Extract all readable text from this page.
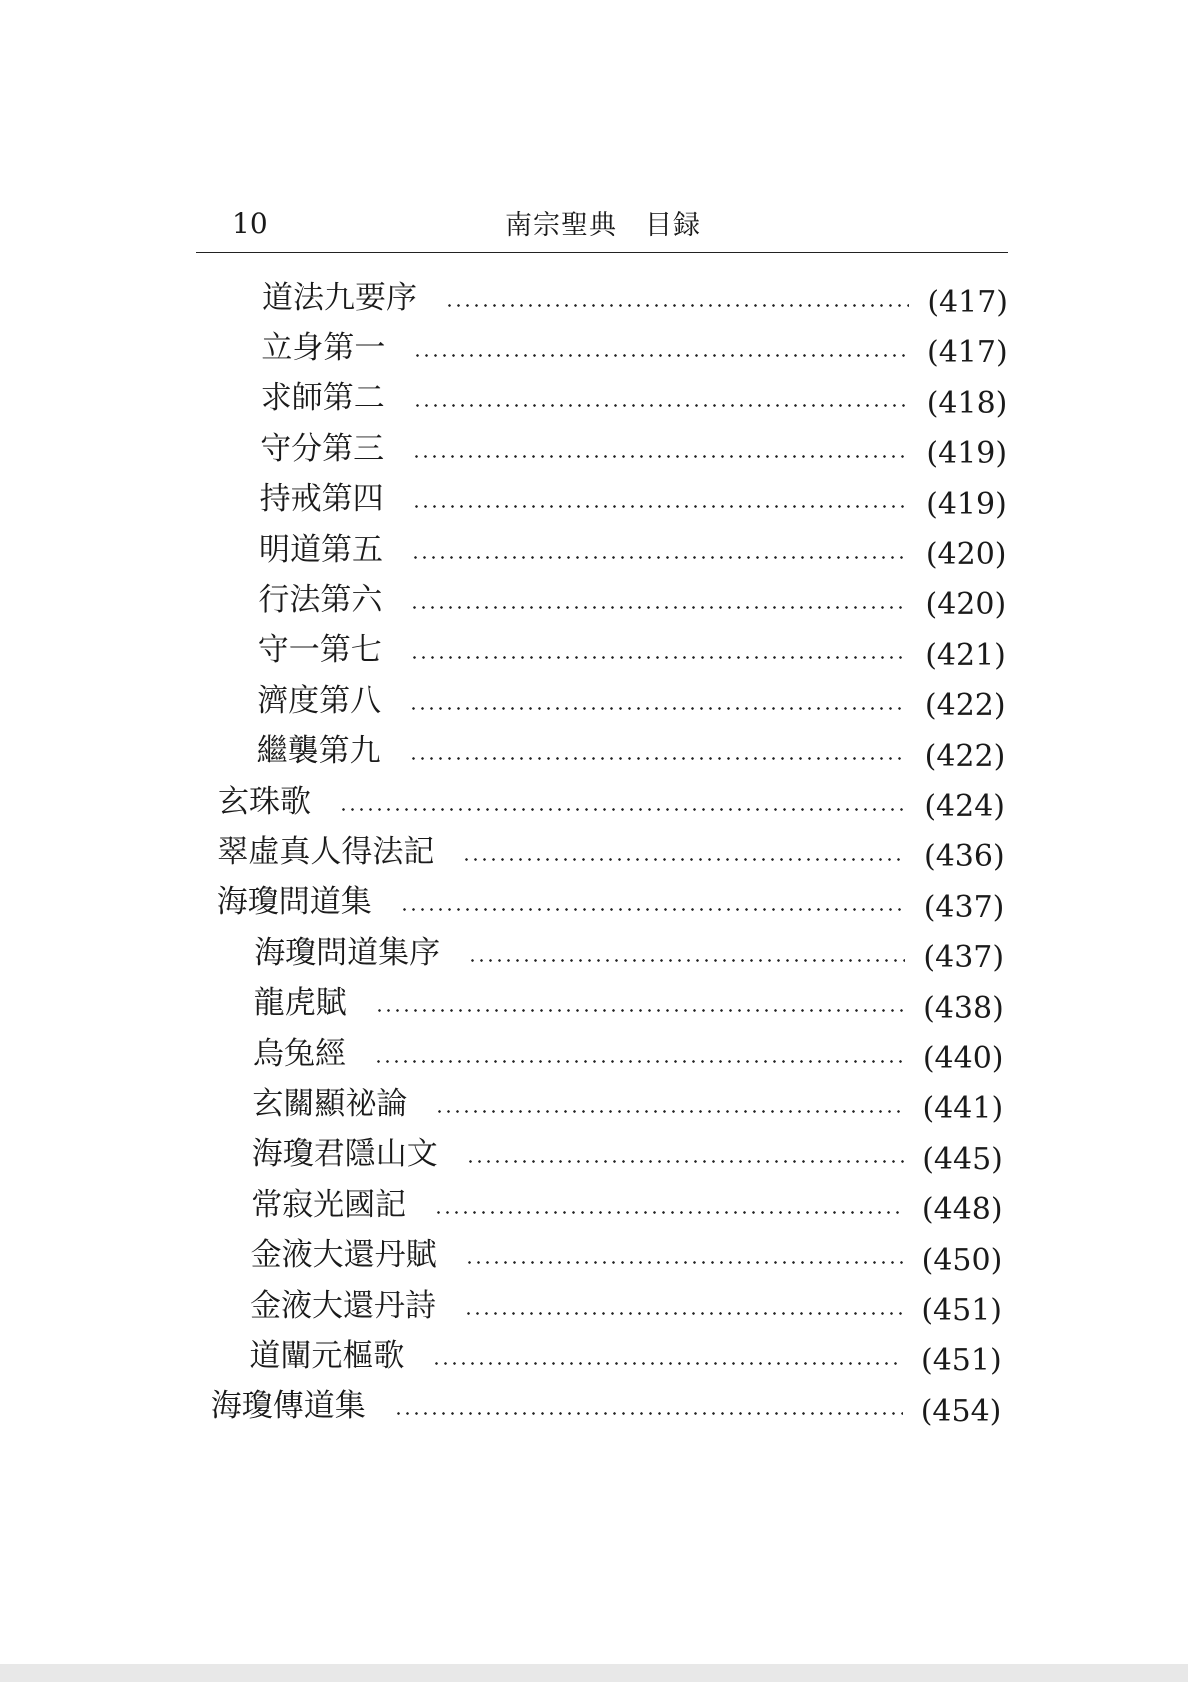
10	南宗聖典　目録
道法九要序	(417)
立身第一	(417)
求師第二	(418)
守分第三	(419)
持戒第四	(419)
明道第五	(420)
行法第六	(420)
守一第七	(421)
濟度第八	(422)
繼襲第九	(422)
玄珠歌	(424)
翠虛真人得法記	(436)
海瓊問道集	(437)
海瓊問道集序	(437)
龍虎賦	(438)
烏兔經	(440)
玄關顯祕論	(441)
海瓊君隱山文	(445)
常寂光國記	(448)
金液大還丹賦	(450)
金液大還丹詩	(451)
道闡元樞歌	(451)
海瓊傳道集	(454)
